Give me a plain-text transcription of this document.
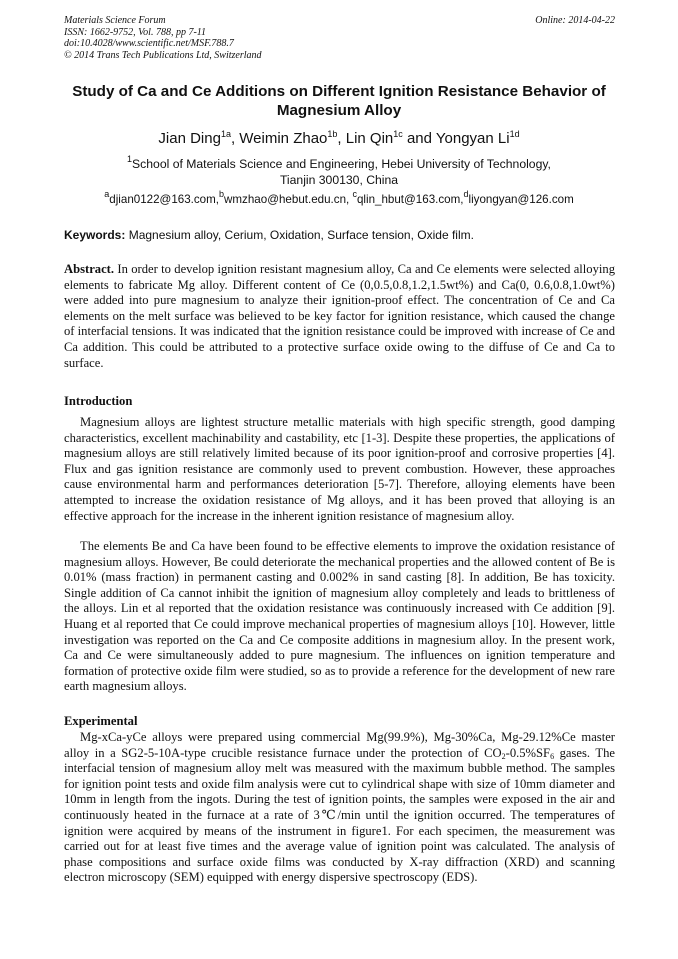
Materials Science Forum
ISSN: 1662-9752, Vol. 788, pp 7-11
doi:10.4028/www.scientific.net/MSF.788.7
© 2014 Trans Tech Publications Ltd, Switzerland
Online: 2014-04-22
Study of Ca and Ce Additions on Different Ignition Resistance Behavior of Magnesium Alloy
Jian Ding$^{1a}$, Weimin Zhao$^{1b}$, Lin Qin$^{1c}$ and Yongyan $Li^{1d}$
$^1$School of Materials Science and Engineering, Hebei University of Technology,
Tianjin 300130, China
$^a$djian0122@163.com,$^b$wmzhao@hebut.edu.cn, $^c$qlin_hbut@163.com,$^d$liyongyan@126.com
Keywords: Magnesium alloy, Cerium, Oxidation, Surface tension, Oxide film.
Abstract. In order to develop ignition resistant magnesium alloy, Ca and Ce elements were selected alloying elements to fabricate Mg alloy. Different content of Ce (0,0.5,0.8,1.2,1.5wt%) and Ca(0, 0.6,0.8,1.0wt%) were added into pure magnesium to analyze their ignition-proof effect. The concentration of Ce and Ca elements on the melt surface was believed to be key factor for ignition resistance, which caused the change of interfacial tensions. It was indicated that the ignition resistance could be improved with increase of Ce and Ca addition. This could be attributed to a protective surface oxide owing to the diffuse of Ce and Ca to surface.
Introduction

Magnesium alloys are lightest structure metallic materials with high specific strength, good damping characteristics, excellent machinability and castability, etc [1-3]. Despite these properties, the applications of magnesium alloys are still relatively limited because of its poor ignition-proof and corrosive properties [4]. Flux and gas ignition resistance are commonly used to prevent combustion. However, these approaches cause environmental harm and performances deterioration [5-7]. Therefore, alloying elements have been attempted to increase the oxidation resistance of Mg alloys, and it has been proved that alloying is an effective approach for the increase in the inherent ignition resistance of magnesium alloy.

The elements Be and Ca have been found to be effective elements to improve the oxidation resistance of magnesium alloys. However, Be could deteriorate the mechanical properties and the allowed content of Be is 0.01% (mass fraction) in permanent casting and 0.002% in sand casting [8]. In addition, Be has toxicity. Single addition of Ca cannot inhibit the ignition of magnesium alloy completely and leads to brittleness of the alloys. Lin et al reported that the oxidation resistance was continuously increased with Ce addition [9]. Huang et al reported that Ce could improve mechanical properties of magnesium alloys [10]. However, little investigation was reported on the Ca and Ce composite additions in magnesium alloy. In the present work, Ca and Ce were simultaneously added to pure magnesium. The influences on ignition temperature and formation of protective oxide film were studied, so as to provide a reference for the development of new rare earth magnesium alloys.

Experimental

Mg-xCa-yCe alloys were prepared using commercial Mg(99.9%), Mg-30%Ca, Mg-29.12%Ce master alloy in a SG2-5-10A-type crucible resistance furnace under the protection of $CO_2-0.5\%SF_6$ gases. The interfacial tension of magnesium alloy melt was measured with the maximum bubble method. The samples for ignition point tests and oxide film analysis were cut to cylindrical shape with size of 10mm diameter and 10mm in length from the ingots. During the test of ignition points, the samples were exposed in the air and continuously heated in the furnace at a rate of 3℃/min until the ignition occurred. The temperatures of ignition were acquired by means of the instrument in figure1. For each specimen, the measurement was carried out for at least five times and the average value of ignition point was calculated. The analysis of phase compositions and surface oxide films was conducted by X-ray diffraction (XRD) and scanning electron microscopy (SEM) equipped with energy dispersive spectroscopy (EDS).
